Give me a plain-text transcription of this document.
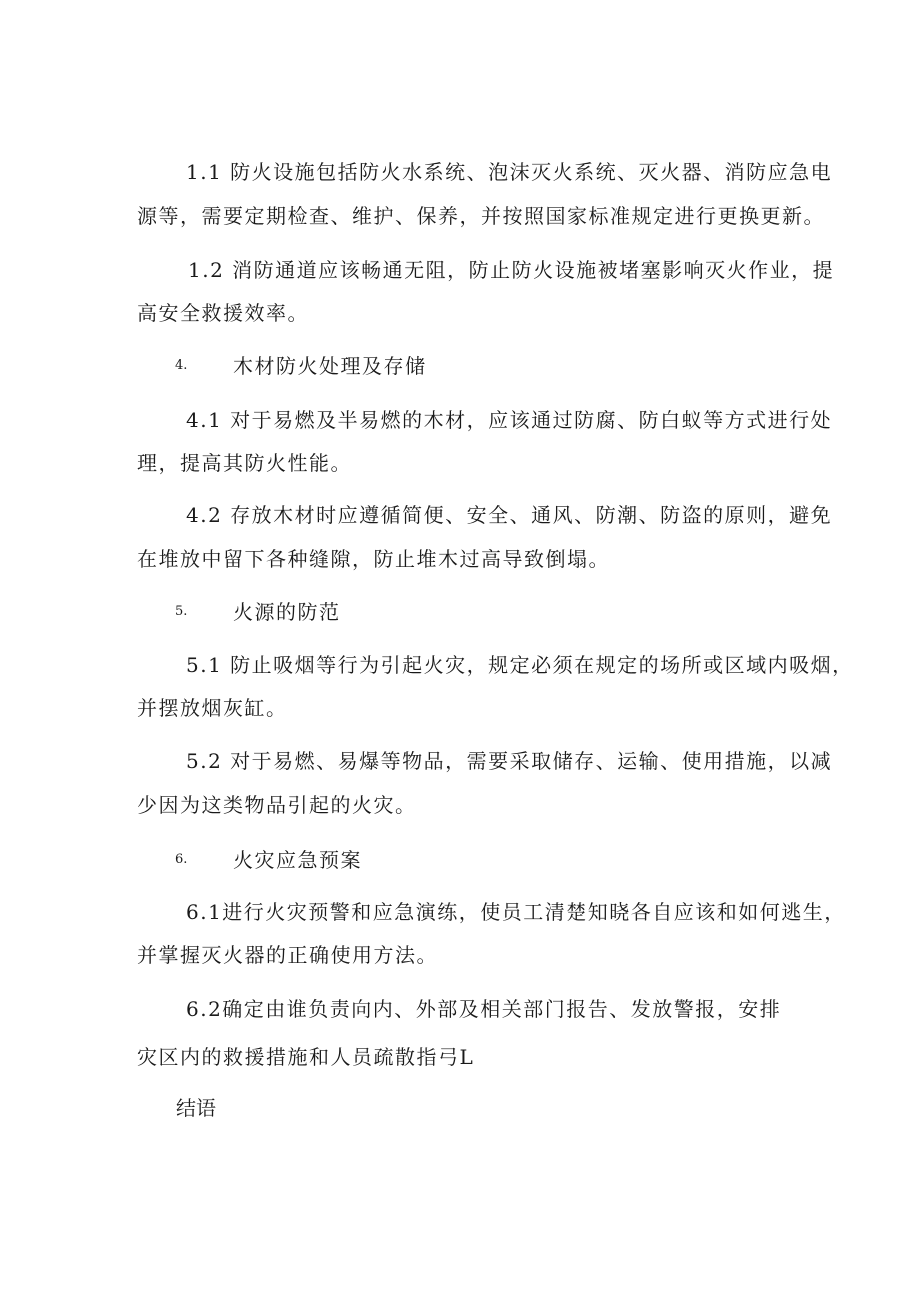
1.1 防火设施包括防火水系统、泡沫灭火系统、灭火器、消防应急电
源等，需要定期检查、维护、保养，并按照国家标准规定进行更换更新。
1.2 消防通道应该畅通无阻，防止防火设施被堵塞影响灭火作业，提
高安全救援效率。
4. 木材防火处理及存储
4.1 对于易燃及半易燃的木材，应该通过防腐、防白蚁等方式进行处
理，提高其防火性能。
4.2 存放木材时应遵循简便、安全、通风、防潮、防盗的原则，避免
在堆放中留下各种缝隙，防止堆木过高导致倒塌。
5. 火源的防范
5.1 防止吸烟等行为引起火灾，规定必须在规定的场所或区域内吸烟，
并摆放烟灰缸。
5.2 对于易燃、易爆等物品，需要采取储存、运输、使用措施，以减
少因为这类物品引起的火灾。
6. 火灾应急预案
6.1进行火灾预警和应急演练，使员工清楚知晓各自应该和如何逃生，
并掌握灭火器的正确使用方法。
6.2确定由谁负责向内、外部及相关部门报告、发放警报，安排
灾区内的救援措施和人员疏散指弓L
结语
